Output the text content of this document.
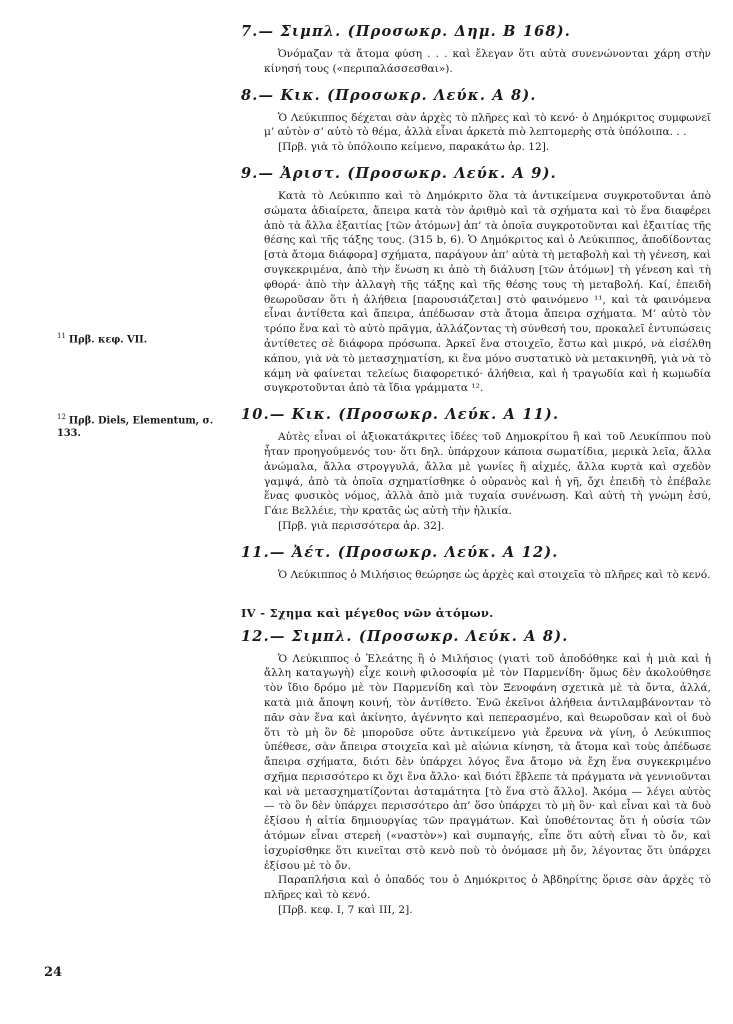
$^{11}$ Πρβ. κεφ. VII.
$^{12}$ Πρβ. Diels, Elementum, σ. 133.
7.— Σιμπλ. (Προσωκρ. Δημ. Β 168).

Ὀνόμαζαν τὰ ἄτομα φύση . . . καὶ ἔλεγαν ὅτι αὐτὰ συνενώνονται χάρη στὴν κίνησή τους («περιπαλάσσεσθαι»).

8.— Κικ. (Προσωκρ. Λεύκ. Α 8).

Ὁ Λεύκιππος δέχεται σὰν ἀρχὲς τὸ πλῆρες καὶ τὸ κενό· ὁ Δημόκριτος συμφωνεῖ μ’ αὐτὸν σ’ αὐτὸ τὸ θέμα, ἀλλὰ εἶναι ἀρκετὰ πιὸ λεπτομερὴς στὰ ὑπόλοιπα. . .

[Πρβ. γιὰ τὸ ὑπόλοιπο κείμενο, παρακάτω ἀρ. 12].

9.— Ἀριστ. (Προσωκρ. Λεύκ. Α 9).

Κατὰ τὸ Λεύκιππο καὶ τὸ Δημόκριτο ὅλα τὰ ἀντικείμενα συγκροτοῦνται ἀπὸ σώματα ἀδιαίρετα, ἄπειρα κατὰ τὸν ἀριθμὸ καὶ τὰ σχήματα καὶ τὸ ἕνα διαφέρει ἀπὸ τὰ ἄλλα ἐξαιτίας [τῶν ἀτόμων] ἀπ’ τὰ ὁποῖα συγκροτοῦνται καὶ ἐξαιτίας τῆς θέσης καὶ τῆς τάξης τους. (315 b, 6). Ὁ Δημόκριτος καὶ ὁ Λεύκιππος, ἀποδίδοντας [στὰ ἄτομα διάφορα] σχήματα, παράγουν ἀπ’ αὐτὰ τὴ μεταβολὴ καὶ τὴ γένεση, καὶ συγκεκριμένα, ἀπὸ τὴν ἕνωση κι ἀπὸ τὴ διάλυση [τῶν ἀτόμων] τὴ γένεση καὶ τὴ φθορά· ἀπὸ τὴν ἀλλαγὴ τῆς τάξης καὶ τῆς θέσης τους τὴ μεταβολή. Καί, ἐπειδὴ θεωροῦσαν ὅτι ἡ ἀλήθεια [παρουσιάζεται] στὸ φαινόμενο ¹¹, καὶ τὰ φαινόμενα εἶναι ἀντίθετα καὶ ἄπειρα, ἀπέδωσαν στὰ ἄτομα ἄπειρα σχήματα. Μ’ αὐτὸ τὸν τρόπο ἕνα καὶ τὸ αὐτὸ πρᾶγμα, ἀλλάζοντας τὴ σύνθεσή του, προκαλεῖ ἐντυπώσεις ἀντίθετες σὲ διάφορα πρόσωπα. Ἀρκεῖ ἕνα στοιχεῖο, ἔστω καὶ μικρό, νὰ εἰσέλθη κάπου, γιὰ νὰ τὸ μετασχηματίση, κι ἕνα μόνο συστατικὸ νὰ μετακινηθῆ, γιὰ νὰ τὸ κάμη νὰ φαίνεται τελείως διαφορετικό· ἀλήθεια, καὶ ἡ τραγωδία καὶ ἡ κωμωδία συγκροτοῦνται ἀπὸ τὰ ἴδια γράμματα ¹².

10.— Κικ. (Προσωκρ. Λεύκ. Α 11).

Αὐτὲς εἶναι οἱ ἀξιοκατάκριτες ἰδέες τοῦ Δημοκρίτου ἢ καὶ τοῦ Λευκίππου ποὺ ἦταν προηγούμενός του· ὅτι δηλ. ὑπάρχουν κάποια σωματίδια, μερικὰ λεῖα, ἄλλα ἀνώμαλα, ἄλλα στρογγυλά, ἄλλα μὲ γωνίες ἢ αἰχμές, ἄλλα κυρτὰ καὶ σχεδὸν γαμψά, ἀπὸ τὰ ὁποῖα σχηματίσθηκε ὁ οὐρανὸς καὶ ἡ γῆ, ὄχι ἐπειδὴ τὸ ἐπέβαλε ἕνας φυσικὸς νόμος, ἀλλὰ ἀπὸ μιὰ τυχαία συνένωση. Καὶ αὐτὴ τὴ γνώμη ἐσύ, Γάιε Βελλέιε, τὴν κρατᾶς ὡς αὐτὴ τὴν ἡλικία.

[Πρβ. γιὰ περισσότερα ἀρ. 32].

11.— Ἀέτ. (Προσωκρ. Λεύκ. Α 12).

Ὁ Λεύκιππος ὁ Μιλήσιος θεώρησε ὡς ἀρχὲς καὶ στοιχεῖα τὸ πλῆρες καὶ τὸ κενό.

IV - Σχημα καὶ μέγεθος νῶν ἀτόμων.
12.— Σιμπλ. (Προσωκρ. Λεύκ. Α 8).

Ὁ Λεύκιππος ὁ Ἐλεάτης ἢ ὁ Μιλήσιος (γιατὶ τοῦ ἀποδόθηκε καὶ ἡ μιὰ καὶ ἡ ἄλλη καταγωγὴ) εἶχε κοινὴ φιλοσοφία μὲ τὸν Παρμενίδη· ὅμως δὲν ἀκολούθησε τὸν ἴδιο δρόμο μὲ τὸν Παρμενίδη καὶ τὸν Ξενοφάνη σχετικὰ μὲ τὰ ὄντα, ἀλλά, κατὰ μιὰ ἄποψη κοινή, τὸν ἀντίθετο. Ἐνῶ ἐκεῖνοι ἀλήθεια ἀντιλαμβάνονταν τὸ πᾶν σὰν ἕνα καὶ ἀκίνητο, ἀγέννητο καὶ πεπερασμένο, καὶ θεωροῦσαν καὶ οἱ δυὸ ὅτι τὸ μὴ ὂν δὲ μποροῦσε οὔτε ἀντικείμενο γιὰ ἔρευνα νὰ γίνη, ὁ Λεύκιππος ὑπέθεσε, σὰν ἄπειρα στοιχεῖα καὶ μὲ αἰώνια κίνηση, τὰ ἄτομα καὶ τοὺς ἀπέδωσε ἄπειρα σχήματα, διότι δὲν ὑπάρχει λόγος ἕνα ἄτομο νὰ ἔχη ἕνα συγκεκριμένο σχῆμα περισσότερο κι ὄχι ἕνα ἄλλο· καὶ διότι ἔβλεπε τὰ πράγματα νὰ γεννιοῦνται καὶ νὰ μετασχηματίζονται ἀσταμάτητα [τὸ ἕνα στὸ ἄλλο]. Ἀκόμα — λέγει αὐτὸς — τὸ ὂν δὲν ὑπάρχει περισσότερο ἀπ’ ὅσο ὑπάρχει τὸ μὴ ὂν· καὶ εἶναι καὶ τὰ δυὸ ἐξίσου ἡ αἰτία δημιουργίας τῶν πραγμάτων. Καὶ ὑποθέτοντας ὅτι ἡ οὐσία τῶν ἀτόμων εἶναι στερεὴ («ναστὸν») καὶ συμπαγής, εἶπε ὅτι αὐτὴ εἶναι τὸ ὄν, καὶ ἰσχυρίσθηκε ὅτι κινεῖται στὸ κενὸ ποὺ τὸ ὀνόμασε μὴ ὄν, λέγοντας ὅτι ὑπάρχει ἐξίσου μὲ τὸ ὄν.

Παραπλήσια καὶ ὁ ὁπαδός του ὁ Δημόκριτος ὁ Ἀβδηρίτης ὅρισε σὰν ἀρχὲς τὸ πλῆρες καὶ τὸ κενό.

[Πρβ. κεφ. I, 7 καὶ III, 2].

24
